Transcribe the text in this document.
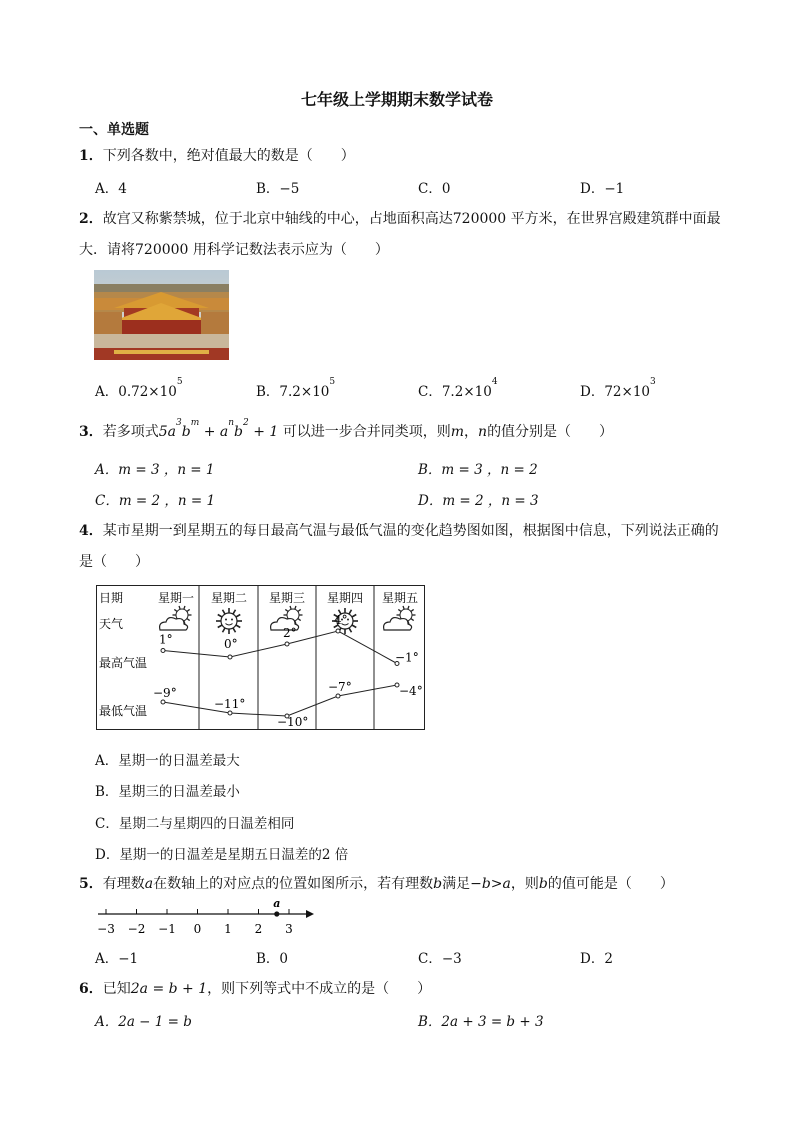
七年级上学期期末数学试卷
一、单选题
1．下列各数中，绝对值最大的数是（　　）
A．4	B．−5	C．0	D．−1
2．故宫又称紫禁城，位于北京中轴线的中心，占地面积高达720000 平方米，在世界宫殿建筑群中面最
大．请将720000 用科学记数法表示应为（　　）
A．$0.72\times 10^5$
B．$7.2\times 10^5$
C．$7.2\times 10^4$
D．$72\times 10^3$
3．若多项式$5a^3b^m + a^nb^2 + 1$ 可以进一步合并同类项，则m，n的值分别是（　　）
A．m = 3 ，n = 1	B．m = 3 ，n = 2
C．m = 2 ，n = 1	D．m = 2 ，n = 3
4．某市星期一到星期五的每日最高气温与最低气温的变化趋势图如图，根据图中信息，下列说法正确的
是（　　）
日期
天气
最高气温
最低气温
星期一 星期二 星期三 星期四 星期五
1°	0°
2°
4°
−1°
−9°
−11°
−10°
−7°	−4°
A．星期一的日温差最大
B．星期三的日温差最小
C．星期二与星期四的日温差相同
D．星期一的日温差是星期五日温差的2 倍
5．有理数a在数轴上的对应点的位置如图所示，若有理数b满足−b>a，则b的值可能是（　　）
−3 −2 −1 0 1 2 3
a
A．−1	B．0	C．−3	D．2
6．已知2a = b + 1，则下列等式中不成立的是（　　）
A．2a − 1 = b	B．2a + 3 = b + 3
